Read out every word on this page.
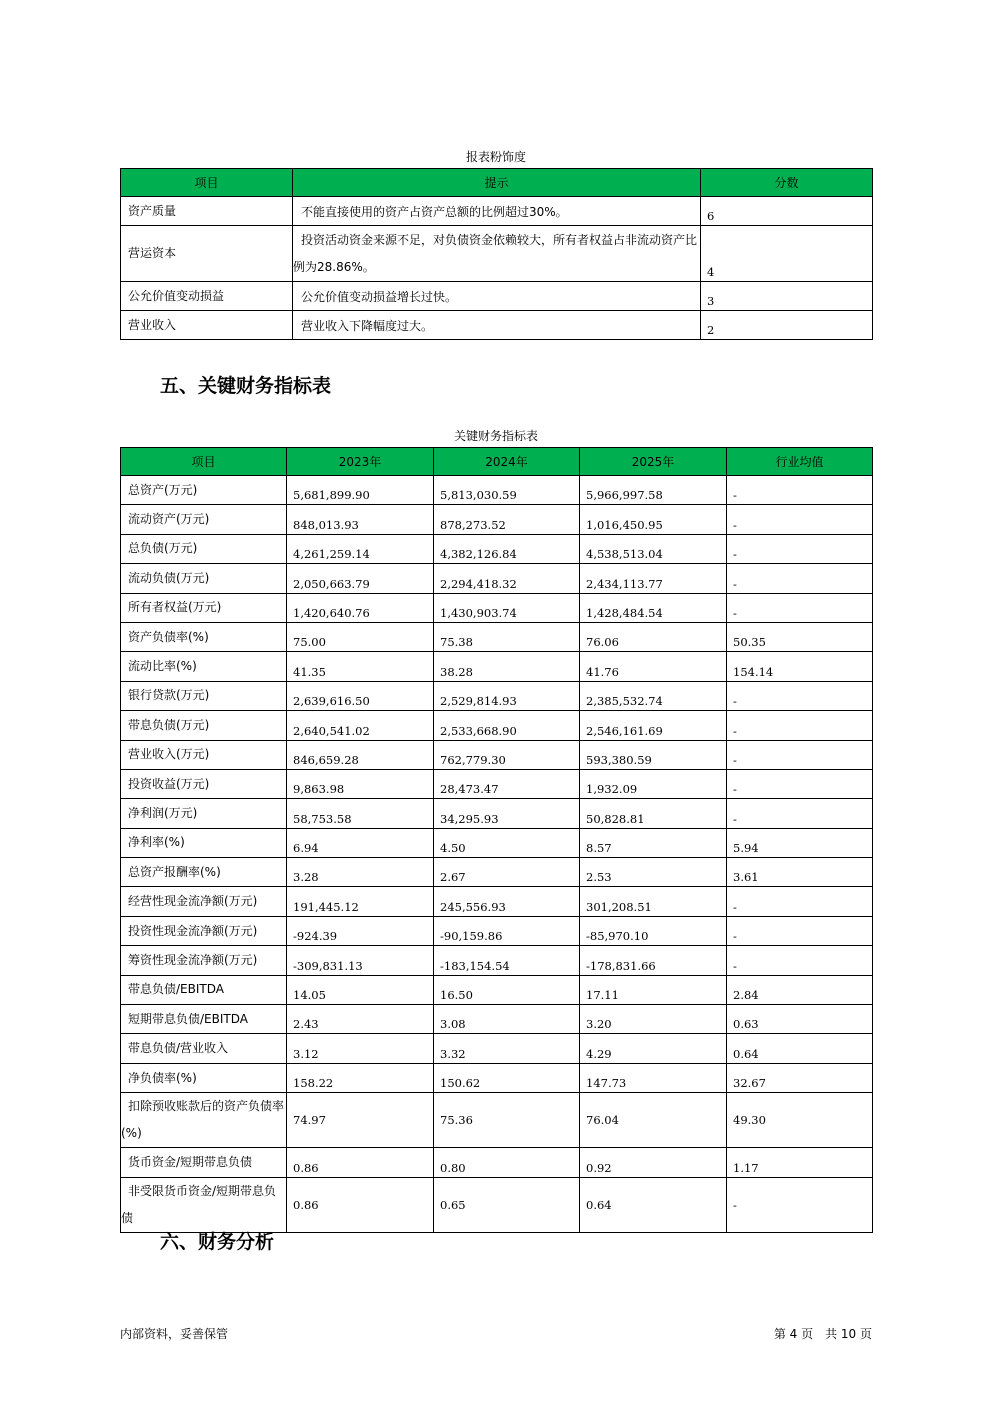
报表粉饰度
项目	提示	分数
资产质量	不能直接使用的资产占资产总额的比例超过30%。	6
营运资本	投资活动资金来源不足，对负债资金依赖较大，所有者权益占非流动资产比例为28.86%。	4
公允价值变动损益	公允价值变动损益增长过快。	3
营业收入	营业收入下降幅度过大。	2
五、关键财务指标表
关键财务指标表
项目	2023年	2024年	2025年	行业均值
总资产(万元)	5,681,899.90	5,813,030.59	5,966,997.58	-
流动资产(万元)	848,013.93	878,273.52	1,016,450.95	-
总负债(万元)	4,261,259.14	4,382,126.84	4,538,513.04	-
流动负债(万元)	2,050,663.79	2,294,418.32	2,434,113.77	-
所有者权益(万元)	1,420,640.76	1,430,903.74	1,428,484.54	-
资产负债率(%)	75.00	75.38	76.06	50.35
流动比率(%)	41.35	38.28	41.76	154.14
银行贷款(万元)	2,639,616.50	2,529,814.93	2,385,532.74	-
带息负债(万元)	2,640,541.02	2,533,668.90	2,546,161.69	-
营业收入(万元)	846,659.28	762,779.30	593,380.59	-
投资收益(万元)	9,863.98	28,473.47	1,932.09	-
净利润(万元)	58,753.58	34,295.93	50,828.81	-
净利率(%)	6.94	4.50	8.57	5.94
总资产报酬率(%)	3.28	2.67	2.53	3.61
经营性现金流净额(万元)	191,445.12	245,556.93	301,208.51	-
投资性现金流净额(万元)	-924.39	-90,159.86	-85,970.10	-
筹资性现金流净额(万元)	-309,831.13	-183,154.54	-178,831.66	-
带息负债/EBITDA	14.05	16.50	17.11	2.84
短期带息负债/EBITDA	2.43	3.08	3.20	0.63
带息负债/营业收入	3.12	3.32	4.29	0.64
净负债率(%)	158.22	150.62	147.73	32.67
扣除预收账款后的资产负债率(%)	74.97	75.36	76.04	49.30
货币资金/短期带息负债	0.86	0.80	0.92	1.17
非受限货币资金/短期带息负债	0.86	0.65	0.64	-
六、财务分析
内部资料，妥善保管	第 4 页　共 10 页
